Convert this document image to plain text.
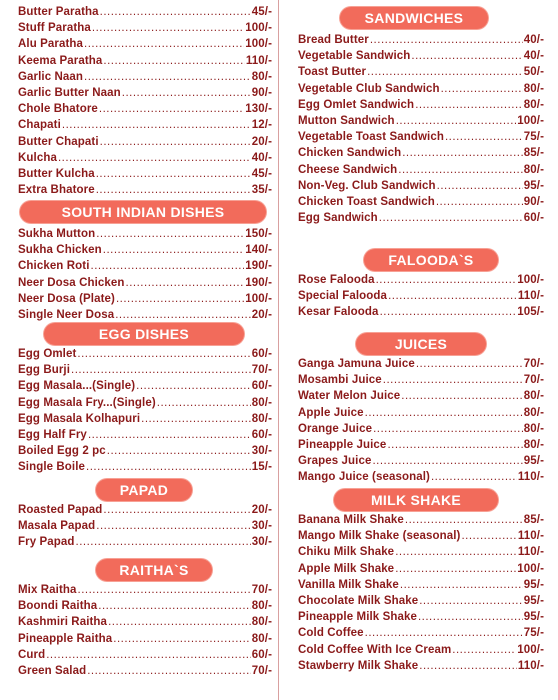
Butter Paratha .....	45/-
Stuff Paratha .....	100/-
Alu Paratha .....	100/-
Keema Paratha .....	110/-
Garlic Naan .....	80/-
Garlic Butter Naan .....	90/-
Chole Bhatore .....	130/-
Chapati .....	12/-
Butter Chapati .....	20/-
Kulcha .....	40/-
Butter Kulcha .....	45/-
Extra Bhatore .....	35/-
SOUTH INDIAN DISHES
Sukha Mutton .....	150/-
Sukha Chicken .....	140/-
Chicken Roti .....	190/-
Neer Dosa Chicken .....	190/-
Neer Dosa (Plate) .....	100/-
Single Neer Dosa .....	20/-
EGG DISHES
Egg Omlet .....	60/-
Egg Burji .....	70/-
Egg Masala...(Single) .....	60/-
Egg Masala Fry...(Single) .....	80/-
Egg Masala Kolhapuri .....	80/-
Egg Half Fry .....	60/-
Boiled Egg 2 pc .....	30/-
Single Boile .....	15/-
PAPAD
Roasted Papad .....	20/-
Masala Papad .....	30/-
Fry Papad .....	30/-
RAITHA`S
Mix Raitha .....	70/-
Boondi Raitha .....	80/-
Kashmiri Raitha .....	80/-
Pineapple Raitha .....	80/-
Curd .....	60/-
Green Salad .....	70/-
SANDWICHES
Bread Butter .....	40/-
Vegetable Sandwich .....	40/-
Toast Butter .....	50/-
Vegetable Club Sandwich .....	80/-
Egg Omlet Sandwich .....	80/-
Mutton Sandwich .....	100/-
Vegetable Toast Sandwich .....	75/-
Chicken Sandwich .....	85/-
Cheese Sandwich .....	80/-
Non-Veg. Club Sandwich .....	95/-
Chicken Toast Sandwich .....	90/-
Egg Sandwich .....	60/-
FALOODA`S
Rose Falooda .....	100/-
Special Falooda .....	110/-
Kesar Falooda .....	105/-
JUICES
Ganga Jamuna Juice .....	70/-
Mosambi Juice .....	70/-
Water Melon Juice .....	80/-
Apple Juice .....	80/-
Orange Juice .....	80/-
Pineapple Juice .....	80/-
Grapes Juice .....	95/-
Mango Juice (seasonal) .....	110/-
MILK SHAKE
Banana Milk Shake .....	85/-
Mango Milk Shake (seasonal) .....	110/-
Chiku Milk Shake .....	110/-
Apple Milk Shake .....	100/-
Vanilla Milk Shake .....	95/-
Chocolate Milk Shake .....	95/-
Pineapple Milk Shake .....	95/-
Cold Coffee .....	75/-
Cold Coffee With Ice Cream .....	100/-
Stawberry Milk Shake .....	110/-
